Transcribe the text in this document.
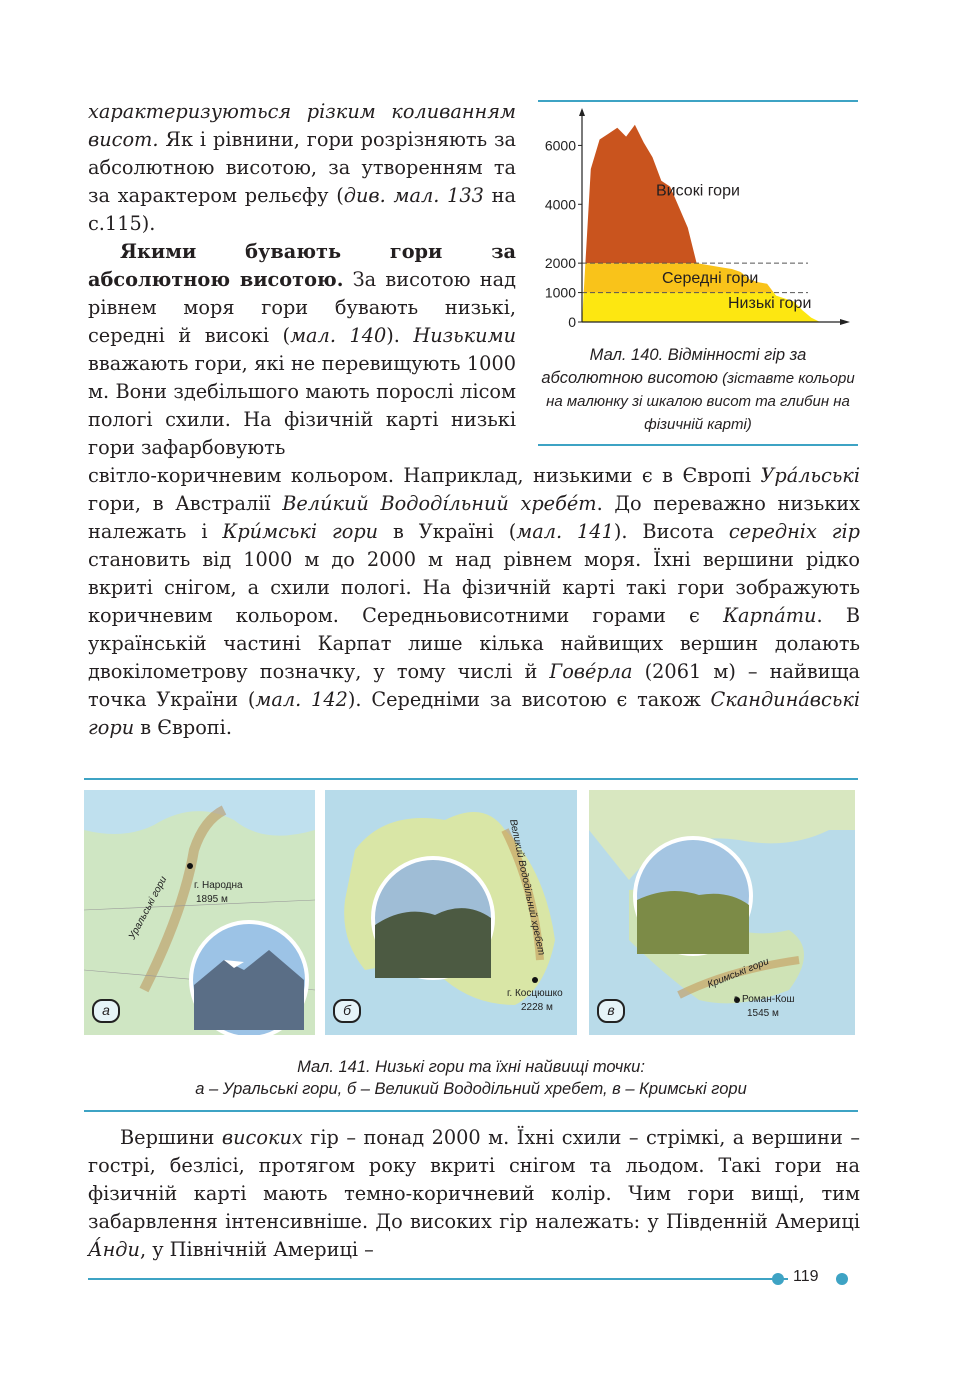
характеризуються різким коливанням висот. Як і рівнини, гори розрізняють за абсолютною висотою, за утворенням та за характером рельєфу (див. мал. 133 на с.115).
Якими бувають гори за абсолютною висотою. За висотою над рівнем моря гори бувають низькі, середні й високі (мал. 140). Низькими вважають гори, які не перевищують 1000 м. Вони здебільшого мають порослі лісом пологі схили. На фізичній карті низькі гори зафарбовують
світло-коричневим кольором. Наприклад, низькими є в Європі Ура́льські гори, в Австралії Вели́кий Вододі́льний хребе́т. До переважно низьких належать і Кри́мські гори в Україні (мал. 141). Висота середніх гір становить від 1000 м до 2000 м над рівнем моря. Їхні вершини рідко вкриті снігом, а схили пологі. На фізичній карті такі гори зображують коричневим кольором. Середньовисотними горами є Карпа́ти. В українській частині Карпат лише кілька найвищих вершин долають двокілометрову позначку, у тому числі й Гове́рла (2061 м) – найвища точка України (мал. 142). Середніми за висотою є також Скандина́вські гори в Європі.
0
1000
2000
4000
6000
Низькі гори
Середні гори
Високі гори
Мал. 140. Відмінності гір за абсолютною висотою (зіставте кольори на малюнку зі шкалою висот та глибин на фізичній карті)
г. Народна
1895 м
Уральські гори
а
г. Косцюшко
2228 м
Великий Вододільний хребет
б
г. Роман-Кош
1545 м
Кримські гори
в
Мал. 141. Низькі гори та їхні найвищі точки:
а – Уральські гори, б – Великий Вододільний хребет, в – Кримські гори
Вершини високих гір – понад 2000 м. Їхні схили – стрімкі, а вершини – гострі, безлісі, протягом року вкриті снігом та льодом. Такі гори на фізичній карті мають темно-коричневий колір. Чим гори вищі, тим забарвлення інтенсивніше. До високих гір належать: у Південній Америці А́нди, у Північній Америці –
119
